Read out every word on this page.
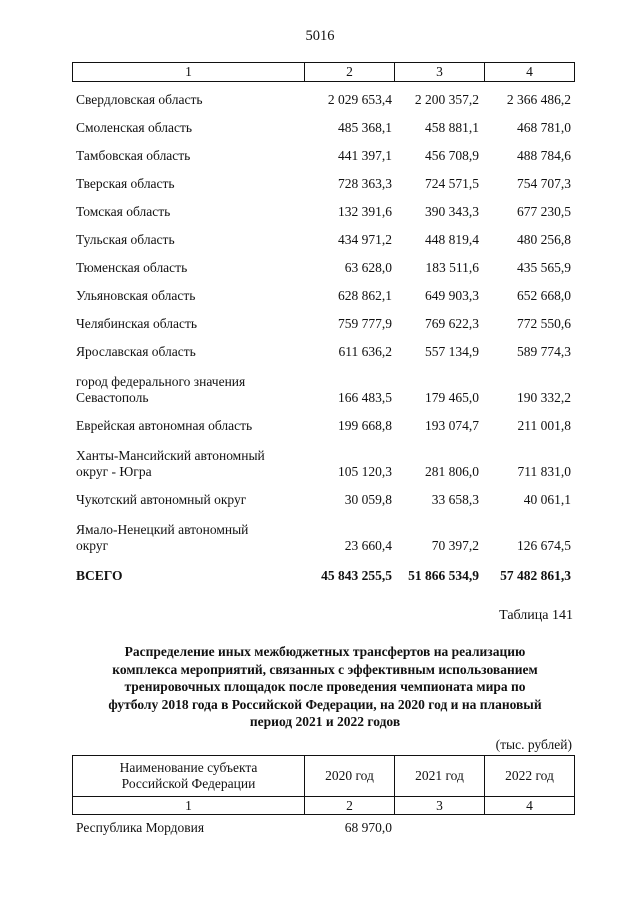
5016
1	2	3	4
Свердловская область	2 029 653,4	2 200 357,2	2 366 486,2
Смоленская область	485 368,1	458 881,1	468 781,0
Тамбовская область	441 397,1	456 708,9	488 784,6
Тверская область	728 363,3	724 571,5	754 707,3
Томская область	132 391,6	390 343,3	677 230,5
Тульская область	434 971,2	448 819,4	480 256,8
Тюменская область	63 628,0	183 511,6	435 565,9
Ульяновская область	628 862,1	649 903,3	652 668,0
Челябинская область	759 777,9	769 622,3	772 550,6
Ярославская область	611 636,2	557 134,9	589 774,3
город федерального значения
Севастополь	166 483,5	179 465,0	190 332,2
Еврейская автономная область	199 668,8	193 074,7	211 001,8
Ханты-Мансийский автономный
округ - Югра	105 120,3	281 806,0	711 831,0
Чукотский автономный округ	30 059,8	33 658,3	40 061,1
Ямало-Ненецкий автономный
округ	23 660,4	70 397,2	126 674,5
ВСЕГО	45 843 255,5	51 866 534,9	57 482 861,3
Таблица 141
Распределение иных межбюджетных трансфертов на реализацию
комплекса мероприятий, связанных с эффективным использованием
тренировочных площадок после проведения чемпионата мира по
футболу 2018 года в Российской Федерации, на 2020 год и на плановый
период 2021 и 2022 годов
(тыс. рублей)
Наименование субъекта
Российской Федерации	2020 год	2021 год	2022 год
1	2	3	4
Республика Мордовия	68 970,0
